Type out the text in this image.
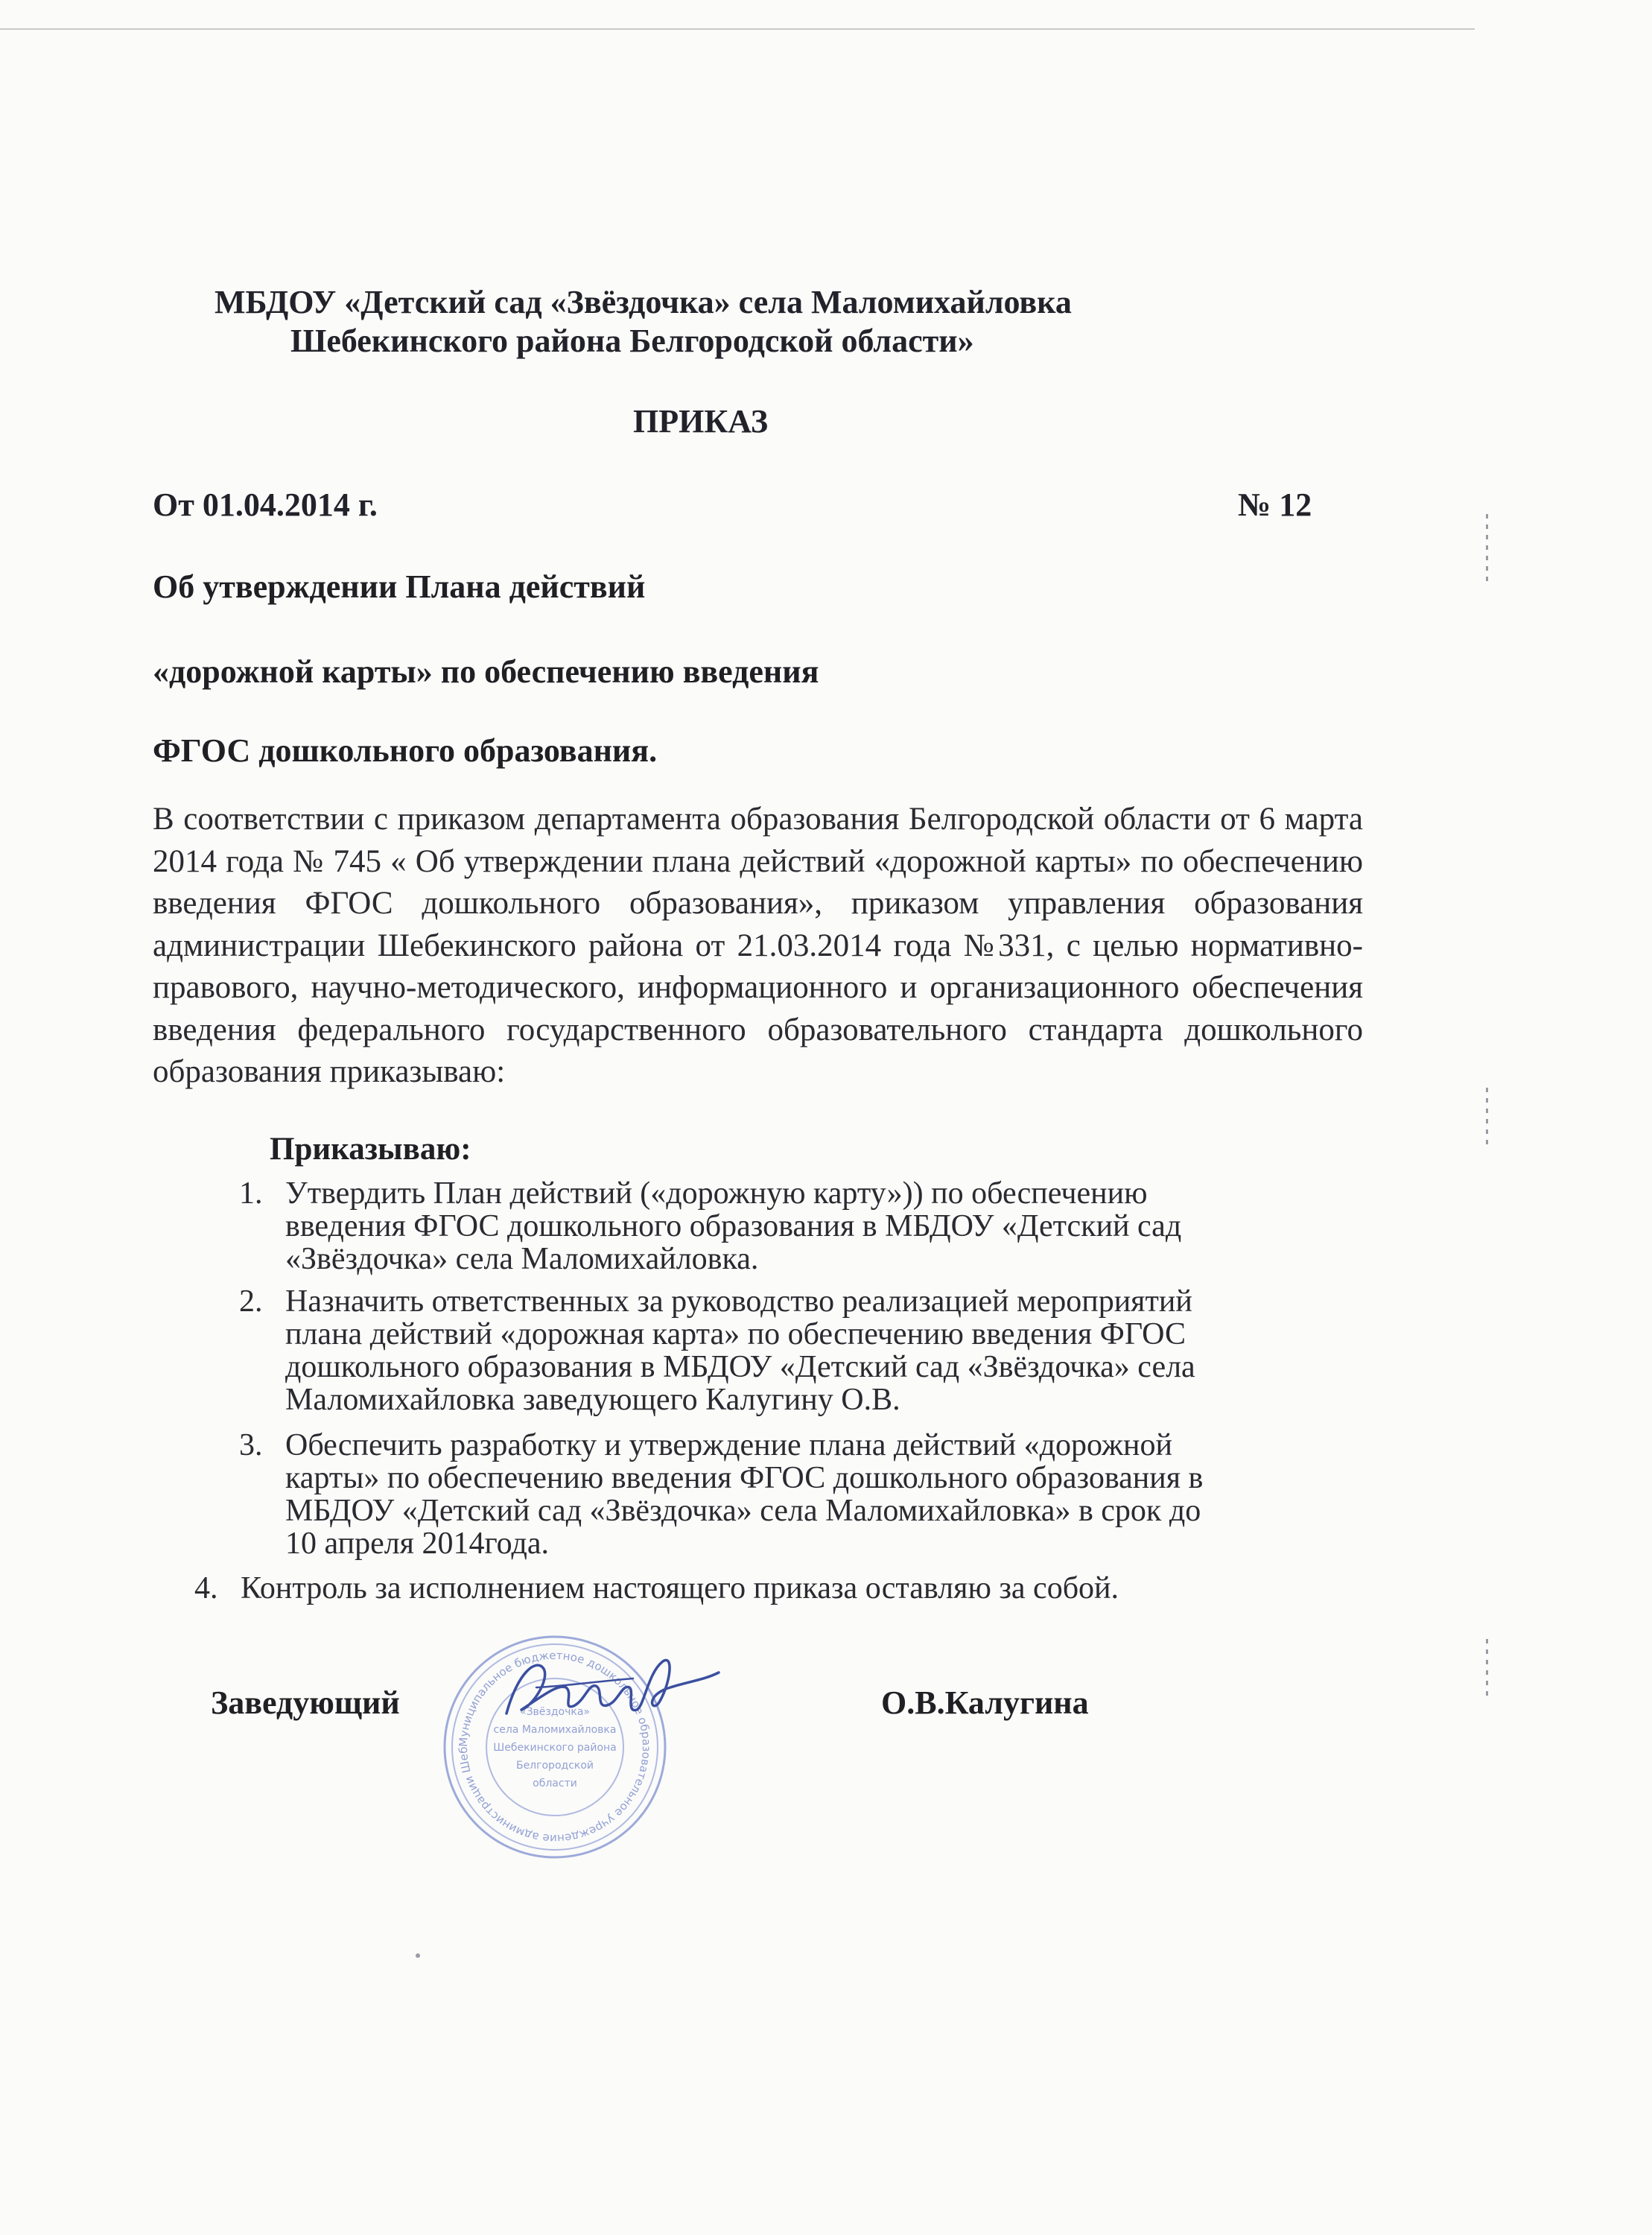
МБДОУ «Детский сад «Звёздочка» села Маломихайловка
Шебекинского района Белгородской области»
ПРИКАЗ
От 01.04.2014 г.	№ 12
Об утверждении Плана действий
«дорожной карты» по обеспечению введения
ФГОС дошкольного образования.
В соответствии с приказом департамента образования Белгородской области от 6 марта 2014 года № 745 « Об утверждении плана действий «дорожной карты» по обеспечению введения ФГОС дошкольного образования», приказом управления образования администрации Шебекинского района от 21.03.2014 года №331, с целью нормативно-правового, научно-методического, информационного и организационного обеспечения введения федерального государственного образовательного стандарта дошкольного образования приказываю:
Приказываю:
1. Утвердить План действий («дорожную карту»)) по обеспечению
введения ФГОС дошкольного образования в МБДОУ «Детский сад
«Звёздочка» села Маломихайловка.
2. Назначить ответственных за руководство реализацией мероприятий
плана действий «дорожная карта» по обеспечению введения ФГОС
дошкольного образования в МБДОУ «Детский сад «Звёздочка» села
Маломихайловка заведующего Калугину О.В.
3. Обеспечить разработку и утверждение плана действий «дорожной
карты» по обеспечению введения ФГОС дошкольного образования в
МБДОУ «Детский сад «Звёздочка» села Маломихайловка» в срок до
10 апреля 2014года.
4. Контроль за исполнением настоящего приказа оставляю за собой.
Заведующий	О.В.Калугина
Муниципальное бюджетное дошкольное образовательное учреждение администрации Шеб
«Звёздочка»
села Маломихайловка
Шебекинского района
Белгородской
области
